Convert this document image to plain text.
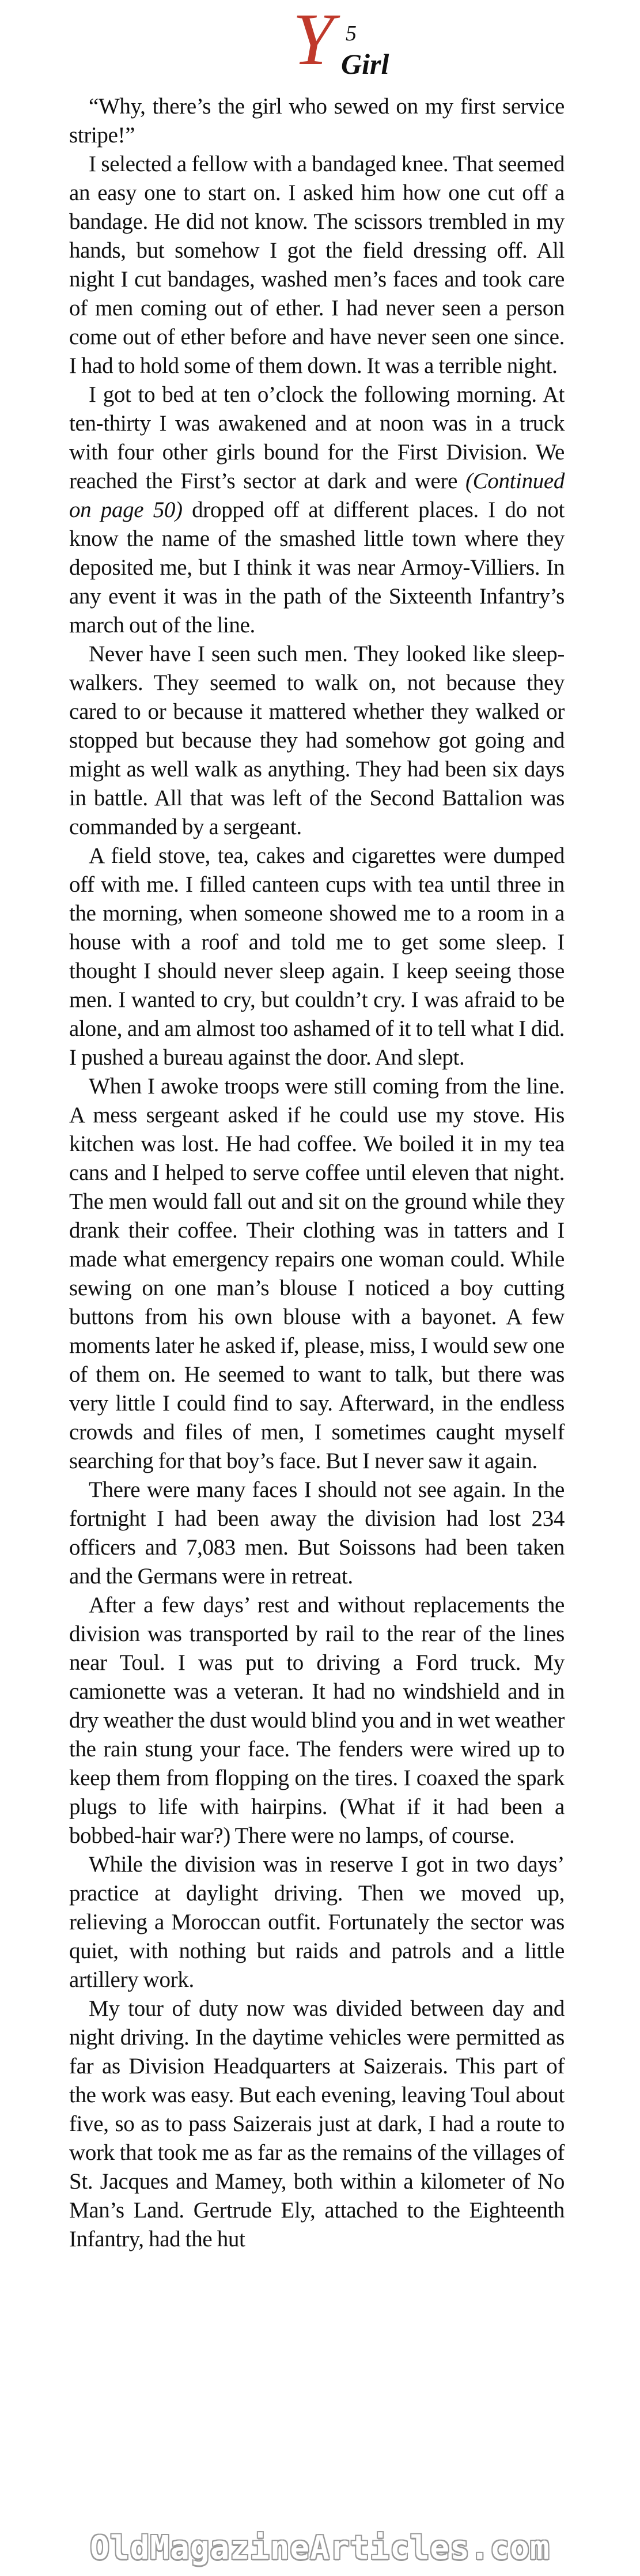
Y 5
Girl

“Why, there’s the girl who sewed on my first service stripe!”

I selected a fellow with a bandaged knee. That seemed an easy one to start on. I asked him how one cut off a bandage. He did not know. The scissors trembled in my hands, but somehow I got the field dressing off. All night I cut bandages, washed men’s faces and took care of men coming out of ether. I had never seen a person come out of ether before and have never seen one since. I had to hold some of them down. It was a terrible night.

I got to bed at ten o’clock the following morning. At ten-thirty I was awakened and at noon was in a truck with four other girls bound for the First Division. We reached the First’s sector at dark and were (Continued on page 50) dropped off at different places. I do not know the name of the smashed little town where they deposited me, but I think it was near Armoy-Villiers. In any event it was in the path of the Sixteenth Infantry’s march out of the line.

Never have I seen such men. They looked like sleep-walkers. They seemed to walk on, not because they cared to or because it mattered whether they walked or stopped but because they had somehow got going and might as well walk as anything. They had been six days in battle. All that was left of the Second Battalion was commanded by a sergeant.

A field stove, tea, cakes and cigarettes were dumped off with me. I filled canteen cups with tea until three in the morning, when someone showed me to a room in a house with a roof and told me to get some sleep. I thought I should never sleep again. I keep seeing those men. I wanted to cry, but couldn’t cry. I was afraid to be alone, and am almost too ashamed of it to tell what I did. I pushed a bureau against the door. And slept.

When I awoke troops were still coming from the line. A mess sergeant asked if he could use my stove. His kitchen was lost. He had coffee. We boiled it in my tea cans and I helped to serve coffee until eleven that night. The men would fall out and sit on the ground while they drank their coffee. Their clothing was in tatters and I made what emergency repairs one woman could. While sewing on one man’s blouse I noticed a boy cutting buttons from his own blouse with a bayonet. A few moments later he asked if, please, miss, I would sew one of them on. He seemed to want to talk, but there was very little I could find to say. Afterward, in the endless crowds and files of men, I sometimes caught myself searching for that boy’s face. But I never saw it again.

There were many faces I should not see again. In the fortnight I had been away the division had lost 234 officers and 7,083 men. But Soissons had been taken and the Germans were in retreat.

After a few days’ rest and without replacements the division was transported by rail to the rear of the lines near Toul. I was put to driving a Ford truck. My camionette was a veteran. It had no windshield and in dry weather the dust would blind you and in wet weather the rain stung your face. The fenders were wired up to keep them from flopping on the tires. I coaxed the spark plugs to life with hairpins. (What if it had been a bobbed-hair war?) There were no lamps, of course.

While the division was in reserve I got in two days’ practice at daylight driving. Then we moved up, relieving a Moroccan outfit. Fortunately the sector was quiet, with nothing but raids and patrols and a little artillery work.

My tour of duty now was divided between day and night driving. In the daytime vehicles were permitted as far as Division Headquarters at Saizerais. This part of the work was easy. But each evening, leaving Toul about five, so as to pass Saizerais just at dark, I had a route to work that took me as far as the remains of the villages of St. Jacques and Mamey, both within a kilometer of No Man’s Land. Gertrude Ely, attached to the Eighteenth Infantry, had the hut

OldMagazineArticles.com
